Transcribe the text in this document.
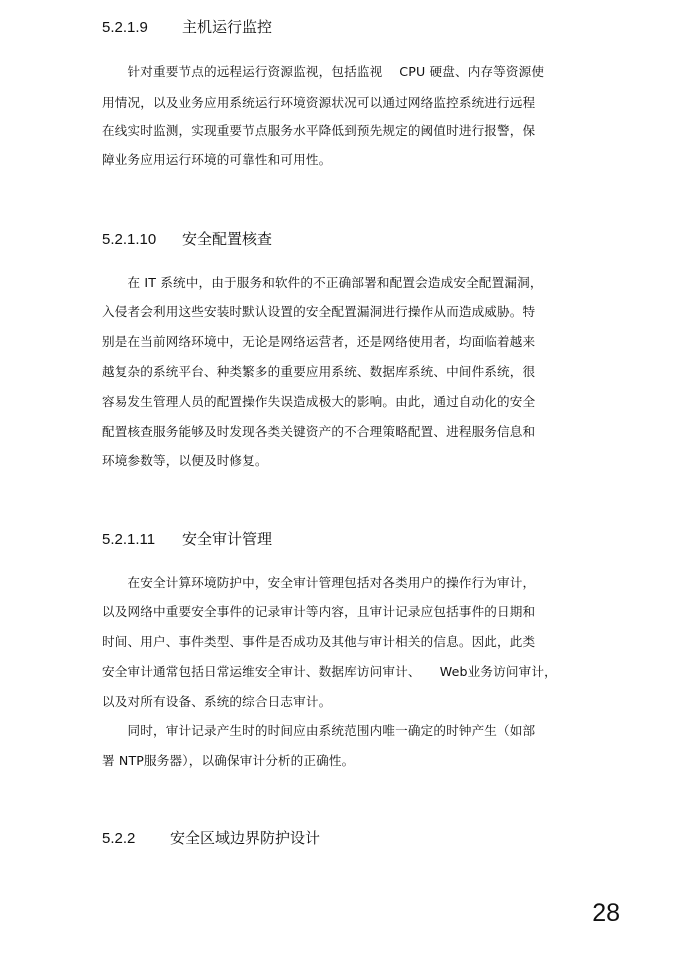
5.2.1.9 主机运行监控
　　针对重要节点的远程运行资源监视，包括监视　 CPU 硬盘、内存等资源使
用情况，以及业务应用系统运行环境资源状况可以通过网络监控系统进行远程
在线实时监测，实现重要节点服务水平降低到预先规定的阈值时进行报警，保
障业务应用运行环境的可靠性和可用性。
5.2.1.10 安全配置核查
　　在 IT 系统中，由于服务和软件的不正确部署和配置会造成安全配置漏洞，
入侵者会利用这些安装时默认设置的安全配置漏洞进行操作从而造成威胁。特
别是在当前网络环境中，无论是网络运营者，还是网络使用者，均面临着越来
越复杂的系统平台、种类繁多的重要应用系统、数据库系统、中间件系统，很
容易发生管理人员的配置操作失误造成极大的影响。由此，通过自动化的安全
配置核查服务能够及时发现各类关键资产的不合理策略配置、进程服务信息和
环境参数等，以便及时修复。
5.2.1.11 安全审计管理
　　在安全计算环境防护中，安全审计管理包括对各类用户的操作行为审计，
以及网络中重要安全事件的记录审计等内容，且审计记录应包括事件的日期和
时间、用户、事件类型、事件是否成功及其他与审计相关的信息。因此，此类
安全审计通常包括日常运维安全审计、数据库访问审计、　　Web业务访问审计，
以及对所有设备、系统的综合日志审计。
　　同时，审计记录产生时的时间应由系统范围内唯一确定的时钟产生（如部
署 NTP服务器），以确保审计分析的正确性。
5.2.2 安全区域边界防护设计
28
